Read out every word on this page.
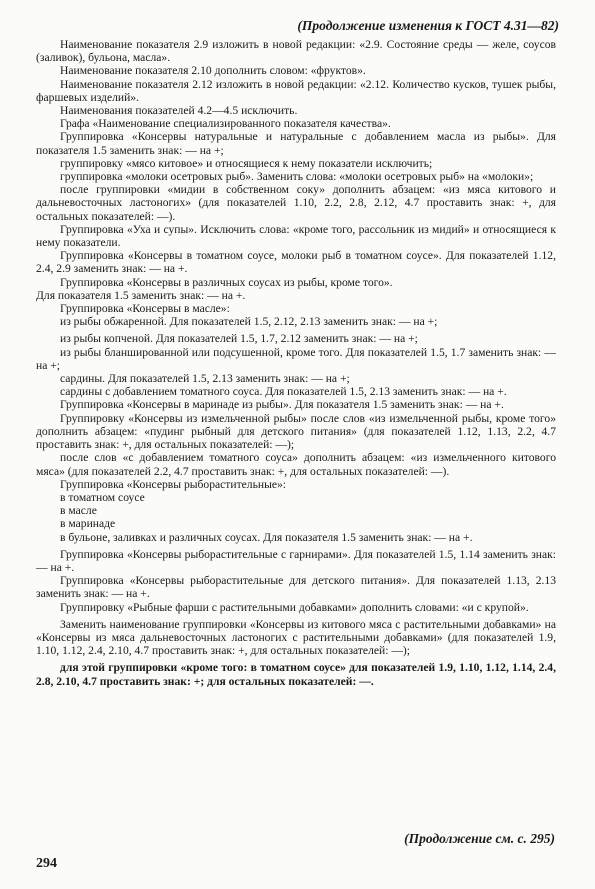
(Продолжение изменения к ГОСТ 4.31—82)

Наименование показателя 2.9 изложить в новой редакции: «2.9. Состояние среды — желе, соусов (заливок), бульона, масла».

Наименование показателя 2.10 дополнить словом: «фруктов».

Наименование показателя 2.12 изложить в новой редакции: «2.12. Количество кусков, тушек рыбы, фаршевых изделий».

Наименования показателей 4.2—4.5 исключить.

Графа «Наименование специализированного показателя качества».

Группировка «Консервы натуральные и натуральные с добавлением масла из рыбы». Для показателя 1.5 заменить знак: — на +;

группировку «мясо китовое» и относящиеся к нему показатели исключить;

группировка «молоки осетровых рыб». Заменить слова: «молоки осетровых рыб» на «молоки»;

после группировки «мидии в собственном соку» дополнить абзацем: «из мяса китового и дальневосточных ластоногих» (для показателей 1.10, 2.2, 2.8, 2.12, 4.7 проставить знак: +, для остальных показателей: —).

Группировка «Уха и супы». Исключить слова: «кроме того, рассольник из мидий» и относящиеся к нему показатели.

Группировка «Консервы в томатном соусе, молоки рыб в томатном соусе». Для показателей 1.12, 2.4, 2.9 заменить знак: — на +.

Группировка «Консервы в различных соусах из рыбы, кроме того».

Для показателя 1.5 заменить знак: — на +.

Группировка «Консервы в масле»:

из рыбы обжаренной. Для показателей 1.5, 2.12, 2.13 заменить знак: — на +;

из рыбы копченой. Для показателей 1.5, 1.7, 2.12 заменить знак: — на +;

из рыбы бланшированной или подсушенной, кроме того. Для показателей 1.5, 1.7 заменить знак: — на +;

сардины. Для показателей 1.5, 2.13 заменить знак: — на +;

сардины с добавлением томатного соуса. Для показателей 1.5, 2.13 заменить знак: — на +.

Группировка «Консервы в маринаде из рыбы». Для показателя 1.5 заменить знак: — на +.

Группировку «Консервы из измельченной рыбы» после слов «из измельченной рыбы, кроме того» дополнить абзацем: «пудинг рыбный для детского питания» (для показателей 1.12, 1.13, 2.2, 4.7 проставить знак: +, для остальных показателей: —);

после слов «с добавлением томатного соуса» дополнить абзацем: «из измельченного китового мяса» (для показателей 2.2, 4.7 проставить знак: +, для остальных показателей: —).

Группировка «Консервы рыборастительные»:

в томатном соусе

в масле

в маринаде

в бульоне, заливках и различных соусах. Для показателя 1.5 заменить знак: — на +.

Группировка «Консервы рыборастительные с гарнирами». Для показателей 1.5, 1.14 заменить знак: — на +.

Группировка «Консервы рыборастительные для детского питания». Для показателей 1.13, 2.13 заменить знак: — на +.

Группировку «Рыбные фарши с растительными добавками» дополнить словами: «и с крупой».

Заменить наименование группировки «Консервы из китового мяса с растительными добавками» на «Консервы из мяса дальневосточных ластоногих с растительными добавками» (для показателей 1.9, 1.10, 1.12, 2.4, 2.10, 4.7 проставить знак: +, для остальных показателей: —);

для этой группировки «кроме того: в томатном соусе» для показателей 1.9, 1.10, 1.12, 1.14, 2.4, 2.8, 2.10, 4.7 проставить знак: +; для остальных показателей: —.

(Продолжение см. с. 295)
294
